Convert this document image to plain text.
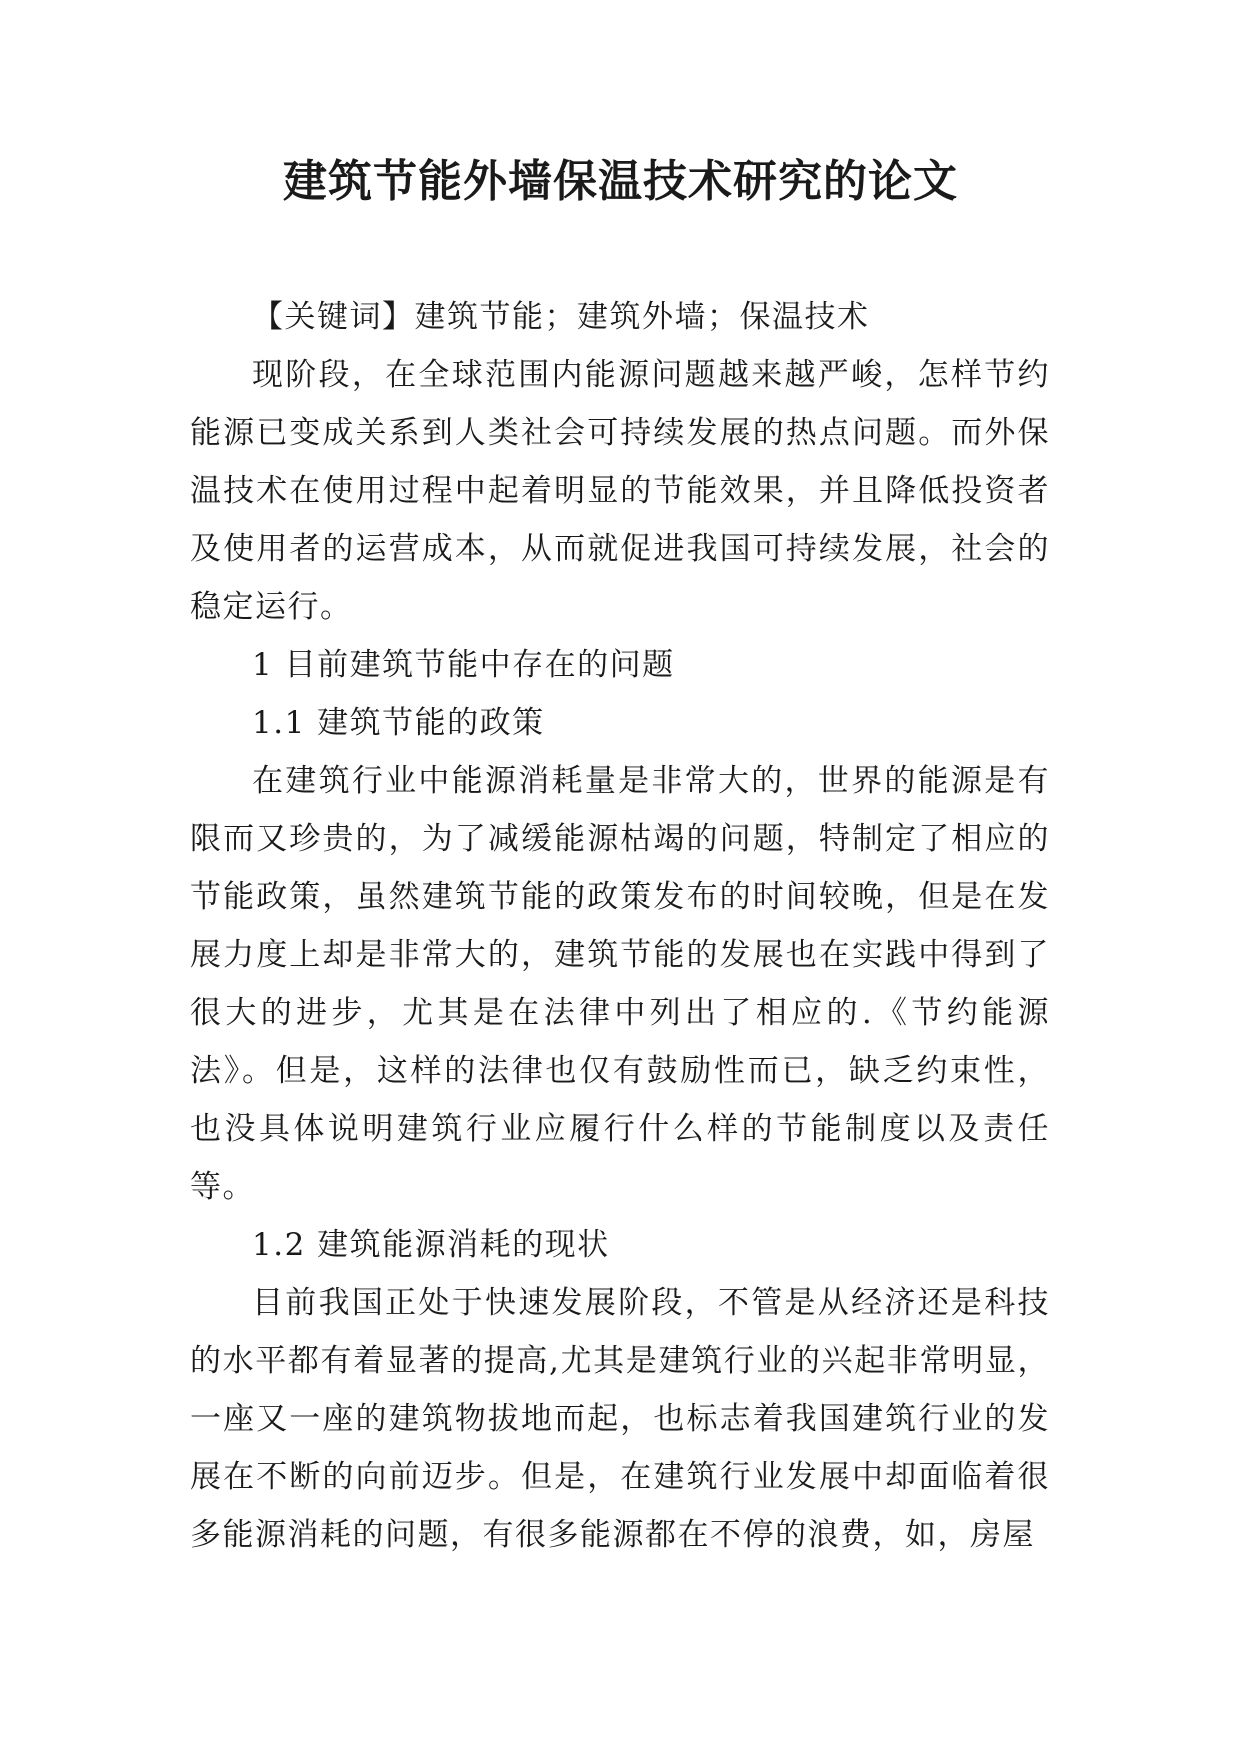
建筑节能外墙保温技术研究的论文

【关键词】建筑节能；建筑外墙；保温技术

现阶段，在全球范围内能源问题越来越严峻，怎样节约能源已变成关系到人类社会可持续发展的热点问题。而外保温技术在使用过程中起着明显的节能效果，并且降低投资者及使用者的运营成本，从而就促进我国可持续发展，社会的稳定运行。

1 目前建筑节能中存在的问题

1.1 建筑节能的政策

在建筑行业中能源消耗量是非常大的，世界的能源是有限而又珍贵的，为了减缓能源枯竭的问题，特制定了相应的节能政策，虽然建筑节能的政策发布的时间较晚，但是在发展力度上却是非常大的，建筑节能的发展也在实践中得到了很大的进步，尤其是在法律中列出了相应的.《节约能源法》。但是，这样的法律也仅有鼓励性而已，缺乏约束性，也没具体说明建筑行业应履行什么样的节能制度以及责任等。

1.2 建筑能源消耗的现状

目前我国正处于快速发展阶段，不管是从经济还是科技的水平都有着显著的提高,尤其是建筑行业的兴起非常明显，一座又一座的建筑物拔地而起，也标志着我国建筑行业的发展在不断的向前迈步。但是，在建筑行业发展中却面临着很多能源消耗的问题，有很多能源都在不停的浪费，如，房屋
